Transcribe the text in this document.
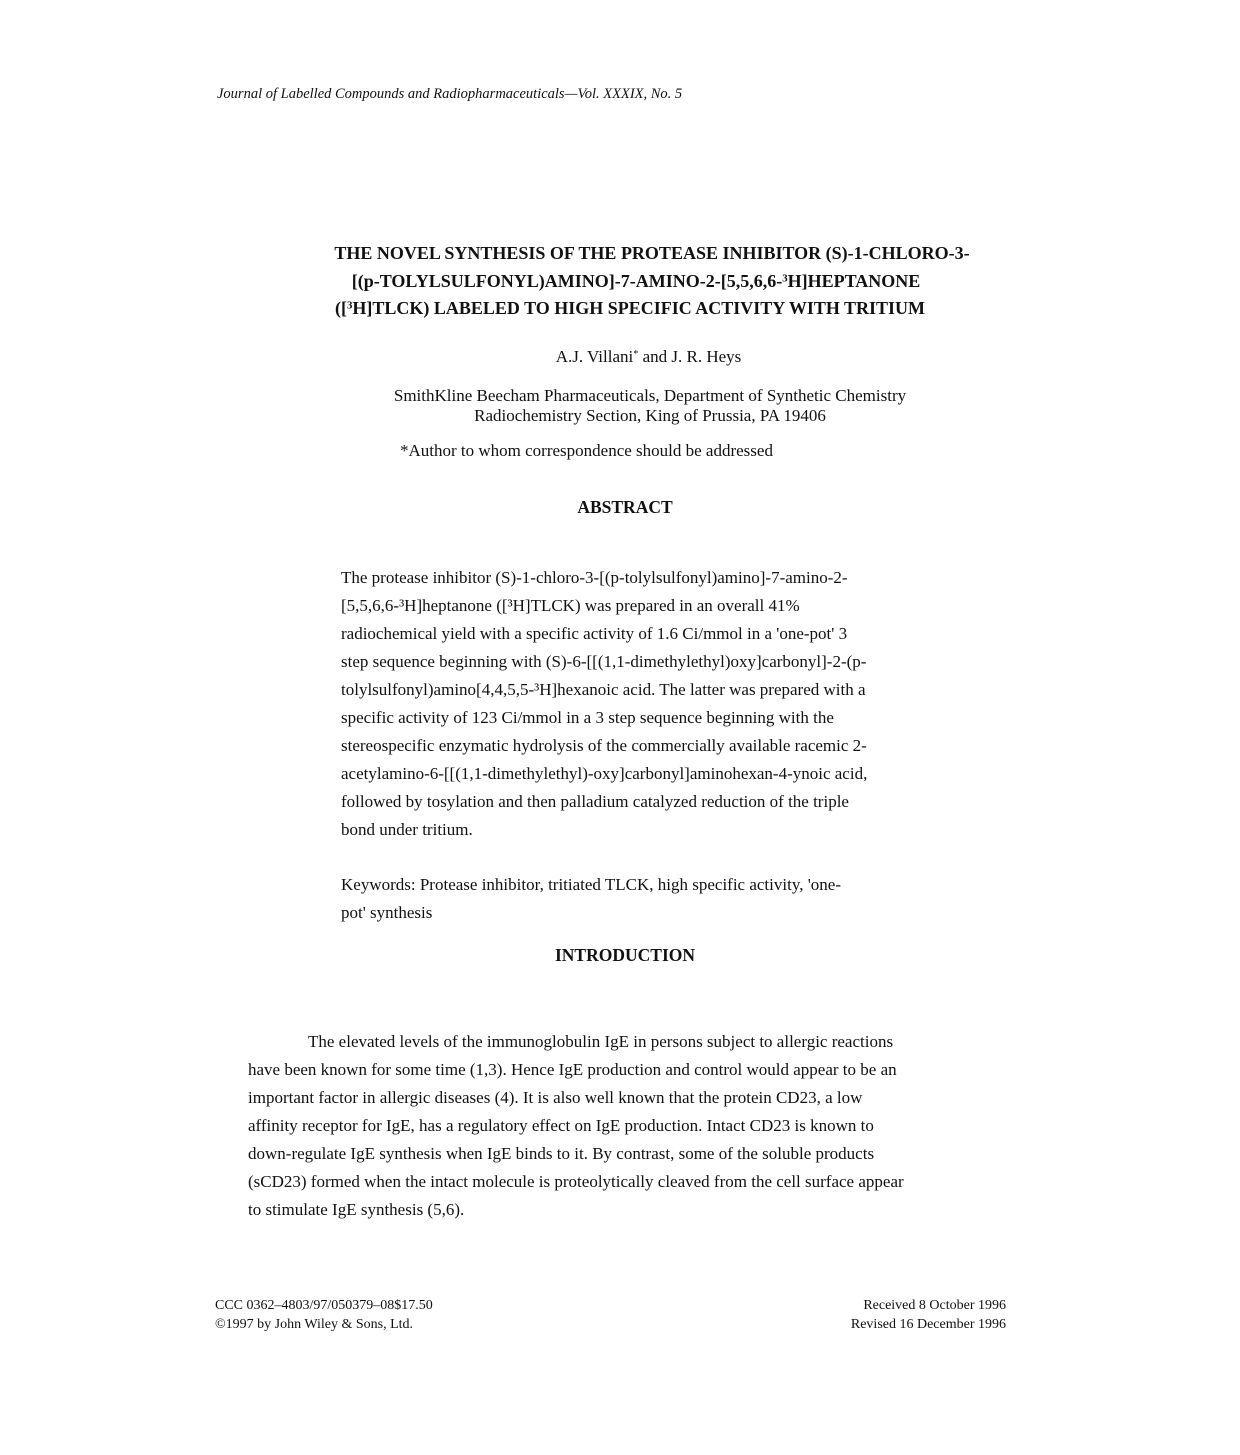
Journal of Labelled Compounds and Radiopharmaceuticals—Vol. XXXIX, No. 5
THE NOVEL SYNTHESIS OF THE PROTEASE INHIBITOR (S)-1-CHLORO-3-
[(p-TOLYLSULFONYL)AMINO]-7-AMINO-2-[5,5,6,6-$^3$H]HEPTANONE
([$^3$H]TLCK) LABELED TO HIGH SPECIFIC ACTIVITY WITH TRITIUM
A.J. Villani* and J. R. Heys
SmithKline Beecham Pharmaceuticals, Department of Synthetic Chemistry
Radiochemistry Section, King of Prussia, PA 19406
*Author to whom correspondence should be addressed
ABSTRACT
The protease inhibitor (S)-1-chloro-3-[(p-tolylsulfonyl)amino]-7-amino-2-
[5,5,6,6-³H]heptanone ([³H]TLCK) was prepared in an overall 41%
radiochemical yield with a specific activity of 1.6 Ci/mmol in a 'one-pot' 3
step sequence beginning with (S)-6-[[(1,1-dimethylethyl)oxy]carbonyl]-2-(p-
tolylsulfonyl)amino[4,4,5,5-³H]hexanoic acid. The latter was prepared with a
specific activity of 123 Ci/mmol in a 3 step sequence beginning with the
stereospecific enzymatic hydrolysis of the commercially available racemic 2-
acetylamino-6-[[(1,1-dimethylethyl)-oxy]carbonyl]aminohexan-4-ynoic acid,
followed by tosylation and then palladium catalyzed reduction of the triple
bond under tritium.
Keywords: Protease inhibitor, tritiated TLCK, high specific activity, 'one-
pot' synthesis
INTRODUCTION
The elevated levels of the immunoglobulin IgE in persons subject to allergic reactions
have been known for some time (1,3). Hence IgE production and control would appear to be an
important factor in allergic diseases (4). It is also well known that the protein CD23, a low
affinity receptor for IgE, has a regulatory effect on IgE production. Intact CD23 is known to
down-regulate IgE synthesis when IgE binds to it. By contrast, some of the soluble products
(sCD23) formed when the intact molecule is proteolytically cleaved from the cell surface appear
to stimulate IgE synthesis (5,6).
CCC 0362–4803/97/050379–08$17.50
©1997 by John Wiley & Sons, Ltd.
Received 8 October 1996
Revised 16 December 1996
